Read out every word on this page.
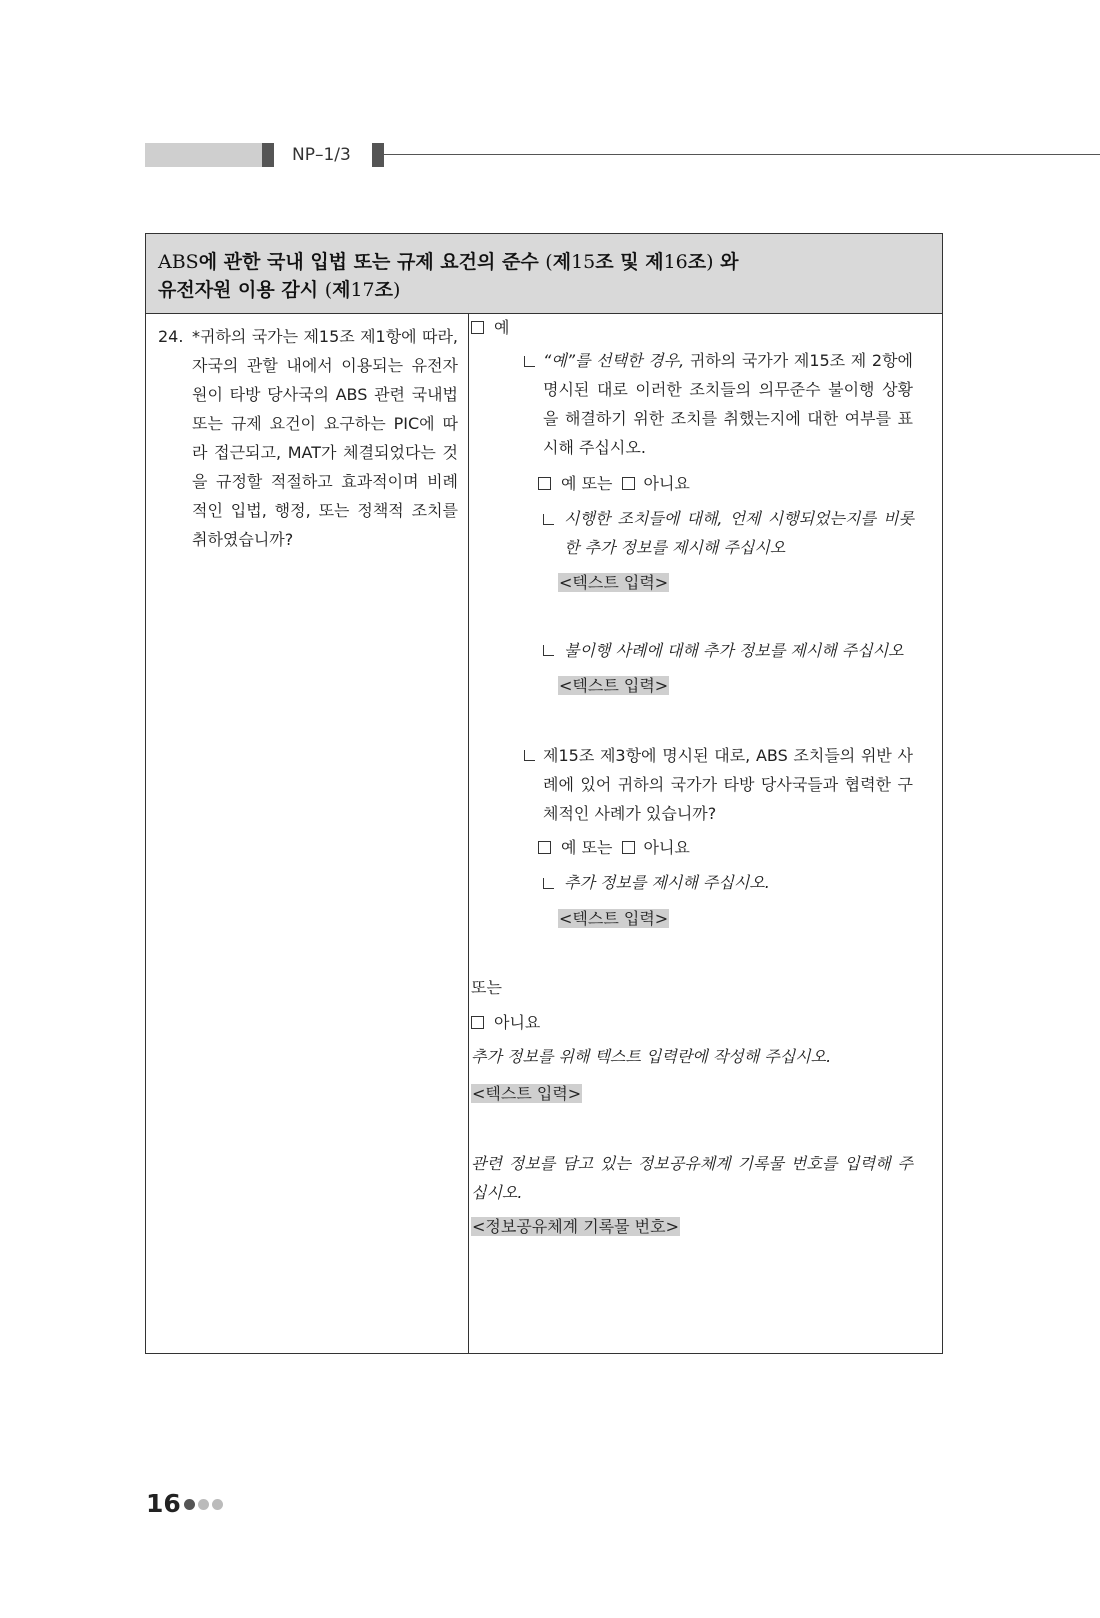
NP–1/3
ABS에 관한 국내 입법 또는 규제 요건의 준수 (제15조 및 제16조) 와
유전자원 이용 감시 (제17조)
24. *귀하의 국가는 제15조 제1항에 따라, 자국의 관할 내에서 이용되는 유전자원이 타방 당사국의 ABS 관련 국내법 또는 규제 요건이 요구하는 PIC에 따라 접근되고, MAT가 체결되었다는 것을 규정할 적절하고 효과적이며 비례적인 입법, 행정, 또는 정책적 조치를 취하였습니까?
예
“예”를 선택한 경우, 귀하의 국가가 제15조 제 2항에 명시된 대로 이러한 조치들의 의무준수 불이행 상황을 해결하기 위한 조치를 취했는지에 대한 여부를 표시해 주십시오.
예 또는 아니요
시행한 조치들에 대해, 언제 시행되었는지를 비롯한 추가 정보를 제시해 주십시오
<텍스트 입력>
불이행 사례에 대해 추가 정보를 제시해 주십시오
<텍스트 입력>
제15조 제3항에 명시된 대로, ABS 조치들의 위반 사례에 있어 귀하의 국가가 타방 당사국들과 협력한 구체적인 사례가 있습니까?
예 또는 아니요
추가 정보를 제시해 주십시오.
<텍스트 입력>
또는
아니요
추가 정보를 위해 텍스트 입력란에 작성해 주십시오.
<텍스트 입력>
관련 정보를 담고 있는 정보공유체계 기록물 번호를 입력해 주십시오.
<정보공유체계 기록물 번호>
16
